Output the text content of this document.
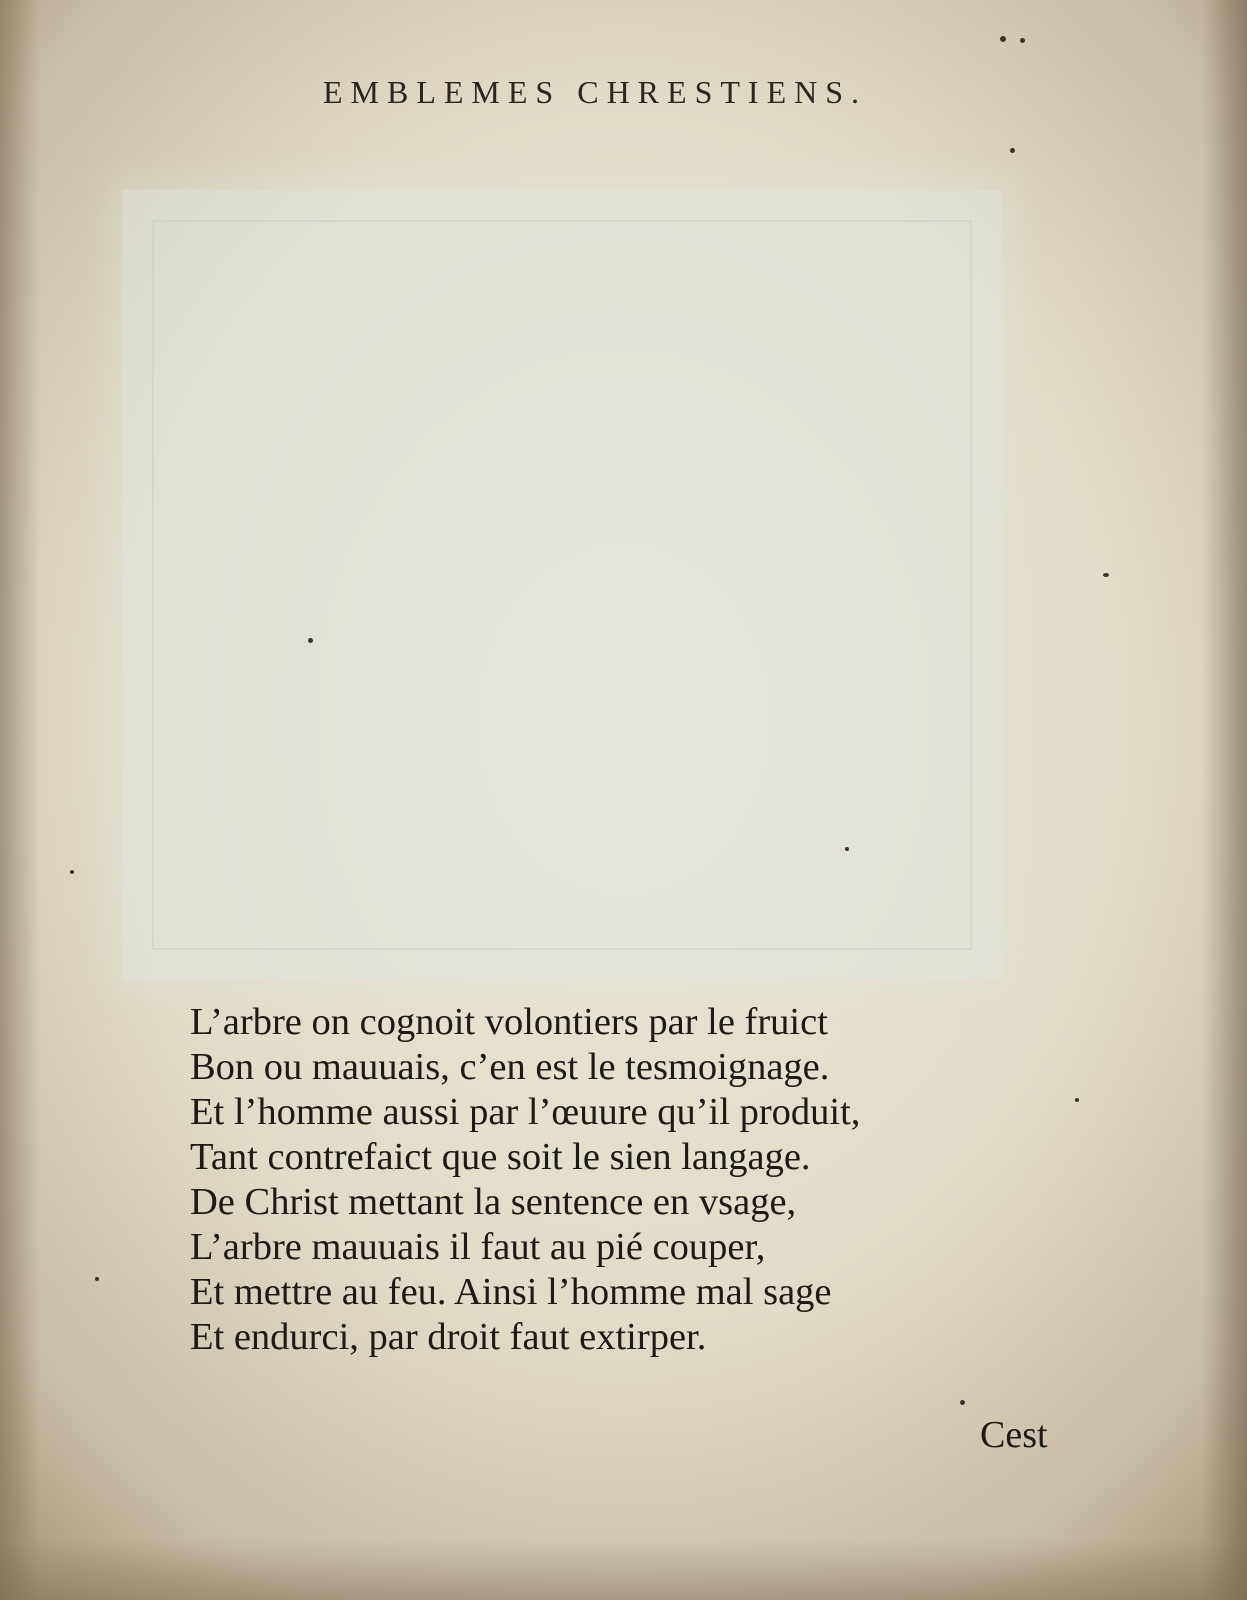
EMBLEMES CHRESTIENS.
L’arbre on cognoit volontiers par le fruict
Bon ou mauuais, c’en est le tesmoignage.
Et l’homme aussi par l’œuure qu’il produit,
Tant contrefaict que soit le sien langage.
De Christ mettant la sentence en vsage,
L’arbre mauuais il faut au pié couper,
Et mettre au feu. Ainsi l’homme mal sage
Et endurci, par droit faut extirper.
Cest
